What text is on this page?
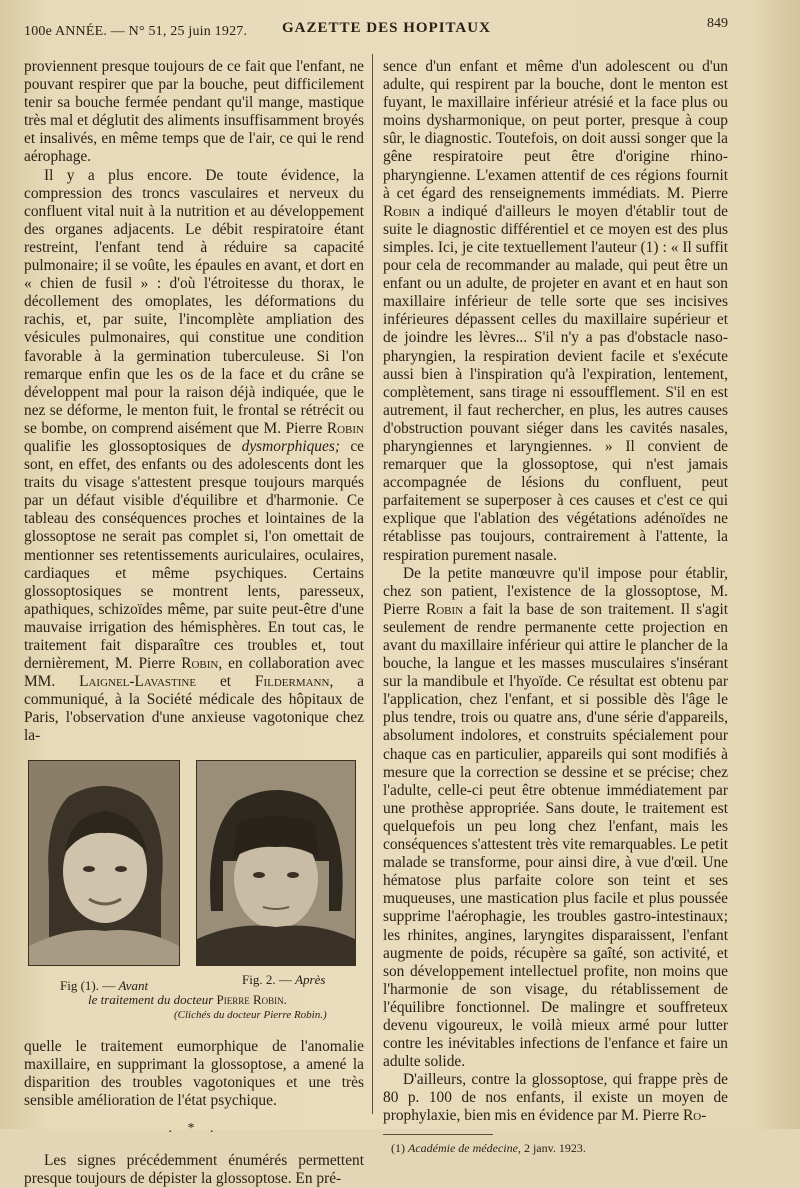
100e ANNÉE. — N° 51, 25 juin 1927. GAZETTE DES HOPITAUX	849

proviennent presque toujours de ce fait que l'enfant, ne pouvant respirer que par la bouche, peut difficilement tenir sa bouche fermée pendant qu'il mange, mastique très mal et déglutit des aliments insuffisamment broyés et insalivés, en même temps que de l'air, ce qui le rend aérophage.

Il y a plus encore. De toute évidence, la compression des troncs vasculaires et nerveux du confluent vital nuit à la nutrition et au développement des organes adjacents. Le débit respiratoire étant restreint, l'enfant tend à réduire sa capacité pulmonaire; il se voûte, les épaules en avant, et dort en « chien de fusil » : d'où l'étroitesse du thorax, le décollement des omoplates, les déformations du rachis, et, par suite, l'incomplète ampliation des vésicules pulmonaires, qui constitue une condition favorable à la germination tuberculeuse. Si l'on remarque enfin que les os de la face et du crâne se développent mal pour la raison déjà indiquée, que le nez se déforme, le menton fuit, le frontal se rétrécit ou se bombe, on comprend aisément que M. Pierre Robin qualifie les glossoptosiques de dysmorphiques; ce sont, en effet, des enfants ou des adolescents dont les traits du visage s'attestent presque toujours marqués par un défaut visible d'équilibre et d'harmonie. Ce tableau des conséquences proches et lointaines de la glossoptose ne serait pas complet si, l'on omettait de mentionner ses retentissements auriculaires, oculaires, cardiaques et même psychiques. Certains glossoptosiques se montrent lents, paresseux, apathiques, schizoïdes même, par suite peut-être d'une mauvaise irrigation des hémisphères. En tout cas, le traitement fait disparaître ces troubles et, tout dernièrement, M. Pierre Robin, en collaboration avec MM. Laignel-Lavastine et Fildermann, a communiqué, à la Société médicale des hôpitaux de Paris, l'observation d'une anxieuse vagotonique chez la-

Fig (1). — Avant	Fig. 2. — Après
le traitement du docteur Pierre Robin.
(Clichés du docteur Pierre Robin.)

quelle le traitement eumorphique de l'anomalie maxillaire, en supprimant la glossoptose, a amené la disparition des troubles vagotoniques et une très sensible amélioration de l'état psychique.

. * .

Les signes précédemment énumérés permettent presque toujours de dépister la glossoptose. En pré-

sence d'un enfant et même d'un adolescent ou d'un adulte, qui respirent par la bouche, dont le menton est fuyant, le maxillaire inférieur atrésié et la face plus ou moins dysharmonique, on peut porter, presque à coup sûr, le diagnostic. Toutefois, on doit aussi songer que la gêne respiratoire peut être d'origine rhino-pharyngienne. L'examen attentif de ces régions fournit à cet égard des renseignements immédiats. M. Pierre Robin a indiqué d'ailleurs le moyen d'établir tout de suite le diagnostic différentiel et ce moyen est des plus simples. Ici, je cite textuellement l'auteur (1) : « Il suffit pour cela de recommander au malade, qui peut être un enfant ou un adulte, de projeter en avant et en haut son maxillaire inférieur de telle sorte que ses incisives inférieures dépassent celles du maxillaire supérieur et de joindre les lèvres... S'il n'y a pas d'obstacle naso-pharyngien, la respiration devient facile et s'exécute aussi bien à l'inspiration qu'à l'expiration, lentement, complètement, sans tirage ni essoufflement. S'il en est autrement, il faut rechercher, en plus, les autres causes d'obstruction pouvant siéger dans les cavités nasales, pharyngiennes et laryngiennes. » Il convient de remarquer que la glossoptose, qui n'est jamais accompagnée de lésions du confluent, peut parfaitement se superposer à ces causes et c'est ce qui explique que l'ablation des végétations adénoïdes ne rétablisse pas toujours, contrairement à l'attente, la respiration purement nasale.

De la petite manœuvre qu'il impose pour établir, chez son patient, l'existence de la glossoptose, M. Pierre Robin a fait la base de son traitement. Il s'agit seulement de rendre permanente cette projection en avant du maxillaire inférieur qui attire le plancher de la bouche, la langue et les masses musculaires s'insérant sur la mandibule et l'hyoïde. Ce résultat est obtenu par l'application, chez l'enfant, et si possible dès l'âge le plus tendre, trois ou quatre ans, d'une série d'appareils, absolument indolores, et construits spécialement pour chaque cas en particulier, appareils qui sont modifiés à mesure que la correction se dessine et se précise; chez l'adulte, celle-ci peut être obtenue immédiatement par une prothèse appropriée. Sans doute, le traitement est quelquefois un peu long chez l'enfant, mais les conséquences s'attestent très vite remarquables. Le petit malade se transforme, pour ainsi dire, à vue d'œil. Une hématose plus parfaite colore son teint et ses muqueuses, une mastication plus facile et plus poussée supprime l'aérophagie, les troubles gastro-intestinaux; les rhinites, angines, laryngites disparaissent, l'enfant augmente de poids, récupère sa gaîté, son activité, et son développement intellectuel profite, non moins que l'harmonie de son visage, du rétablissement de l'équilibre fonctionnel. De malingre et souffreteux devenu vigoureux, le voilà mieux armé pour lutter contre les inévitables infections de l'enfance et faire un adulte solide.

D'ailleurs, contre la glossoptose, qui frappe près de 80 p. 100 de nos enfants, il existe un moyen de prophylaxie, bien mis en évidence par M. Pierre Ro-

(1) Académie de médecine, 2 janv. 1923.
